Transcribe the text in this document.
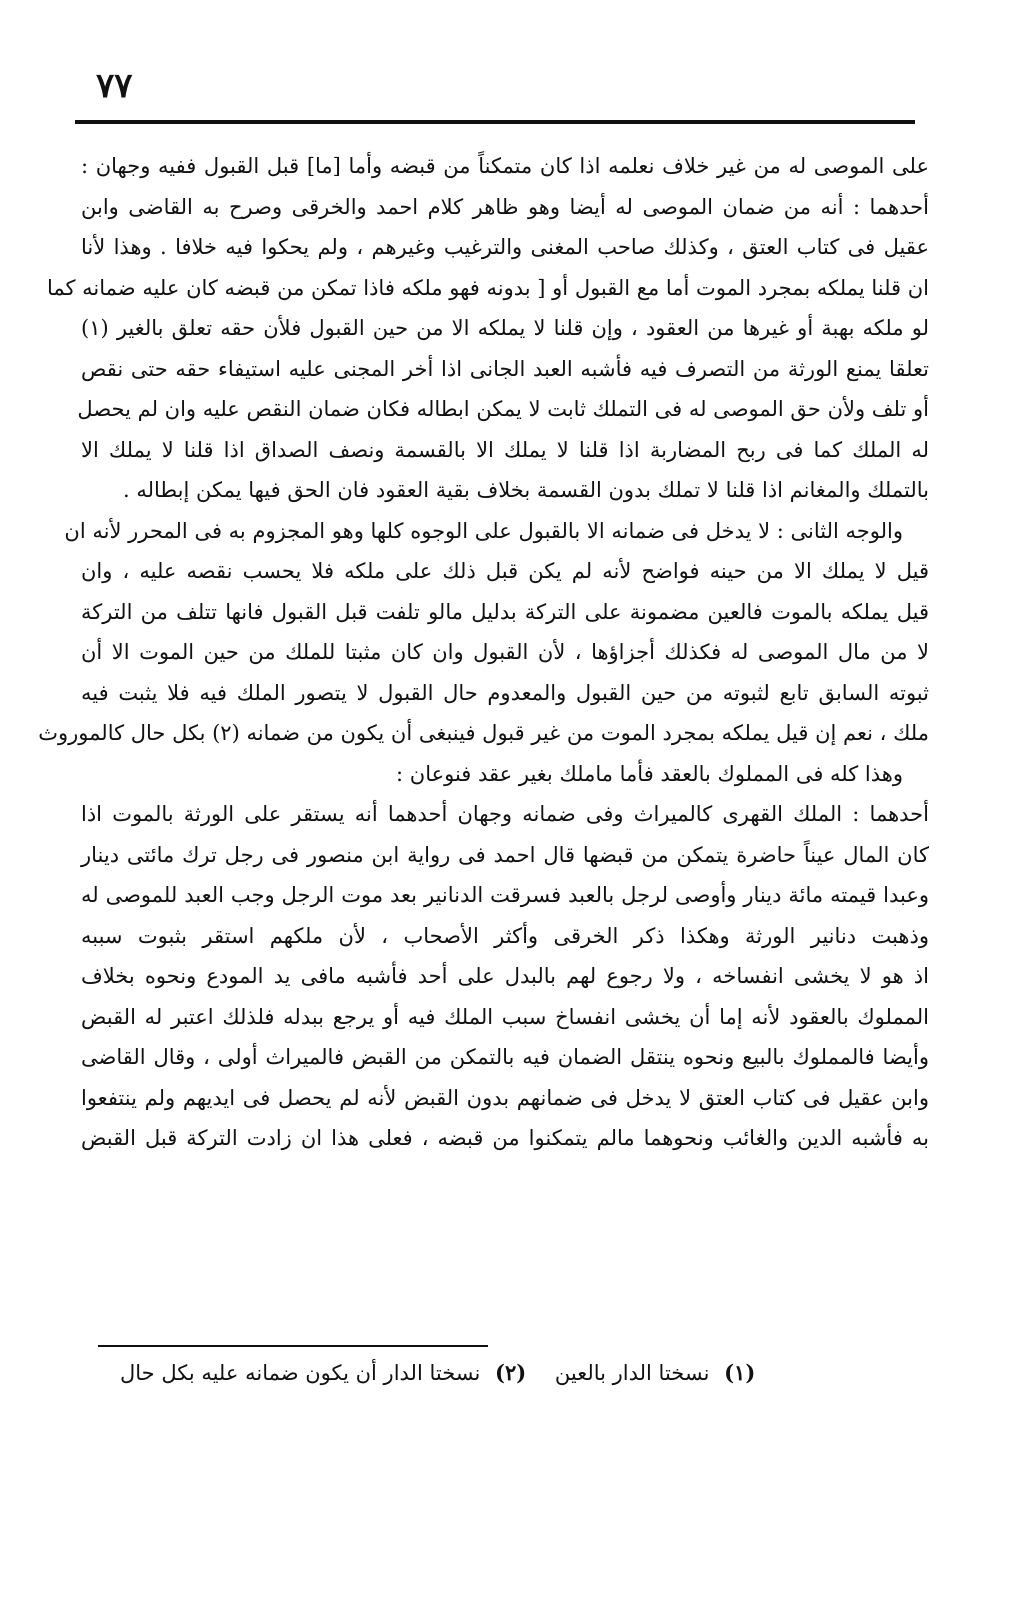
٧٧
على الموصى له من غير خلاف نعلمه اذا كان متمكناً من قبضه وأما [ما] قبل القبول ففيه وجهان :
أحدهما : أنه من ضمان الموصى له أيضا وهو ظاهر كلام احمد والخرقى وصرح به القاضى وابن
عقيل فى كتاب العتق ، وكذلك صاحب المغنى والترغيب وغيرهم ، ولم يحكوا فيه خلافا . وهذا لأنا
ان قلنا يملكه بمجرد الموت أما مع القبول أو [ بدونه فهو ملكه فاذا تمكن من قبضه كان عليه ضمانه كما
لو ملكه بهبة أو غيرها من العقود ، وإن قلنا لا يملكه الا من حين القبول فلأن حقه تعلق بالغير (١)
تعلقا يمنع الورثة من التصرف فيه فأشبه العبد الجانى اذا أخر المجنى عليه استيفاء حقه حتى نقص
أو تلف ولأن حق الموصى له فى التملك ثابت لا يمكن ابطاله فكان ضمان النقص عليه وان لم يحصل
له الملك كما فى ربح المضاربة اذا قلنا لا يملك الا بالقسمة ونصف الصداق اذا قلنا لا يملك الا
بالتملك والمغانم اذا قلنا لا تملك بدون القسمة بخلاف بقية العقود فان الحق فيها يمكن إبطاله .
والوجه الثانى : لا يدخل فى ضمانه الا بالقبول على الوجوه كلها وهو المجزوم به فى المحرر لأنه ان
قيل لا يملك الا من حينه فواضح لأنه لم يكن قبل ذلك على ملكه فلا يحسب نقصه عليه ، وان
قيل يملكه بالموت فالعين مضمونة على التركة بدليل مالو تلفت قبل القبول فانها تتلف من التركة
لا من مال الموصى له فكذلك أجزاؤها ، لأن القبول وان كان مثبتا للملك من حين الموت الا أن
ثبوته السابق تابع لثبوته من حين القبول والمعدوم حال القبول لا يتصور الملك فيه فلا يثبت فيه
ملك ، نعم إن قيل يملكه بمجرد الموت من غير قبول فينبغى أن يكون من ضمانه (٢) بكل حال كالموروث
وهذا كله فى المملوك بالعقد فأما ماملك بغير عقد فنوعان :
أحدهما : الملك القهرى كالميراث وفى ضمانه وجهان أحدهما أنه يستقر على الورثة بالموت اذا
كان المال عيناً حاضرة يتمكن من قبضها قال احمد فى رواية ابن منصور فى رجل ترك مائتى دينار
وعبدا قيمته مائة دينار وأوصى لرجل بالعبد فسرقت الدنانير بعد موت الرجل وجب العبد للموصى له
وذهبت دنانير الورثة وهكذا ذكر الخرقى وأكثر الأصحاب ، لأن ملكهم استقر بثبوت سببه
اذ هو لا يخشى انفساخه ، ولا رجوع لهم بالبدل على أحد فأشبه مافى يد المودع ونحوه بخلاف
المملوك بالعقود لأنه إما أن يخشى انفساخ سبب الملك فيه أو يرجع ببدله فلذلك اعتبر له القبض
وأيضا فالمملوك بالبيع ونحوه ينتقل الضمان فيه بالتمكن من القبض فالميراث أولى ، وقال القاضى
وابن عقيل فى كتاب العتق لا يدخل فى ضمانهم بدون القبض لأنه لم يحصل فى ايديهم ولم ينتفعوا
به فأشبه الدين والغائب ونحوهما مالم يتمكنوا من قبضه ، فعلى هذا ان زادت التركة قبل القبض
(١) نسختا الدار بالعين (٢) نسختا الدار أن يكون ضمانه عليه بكل حال
